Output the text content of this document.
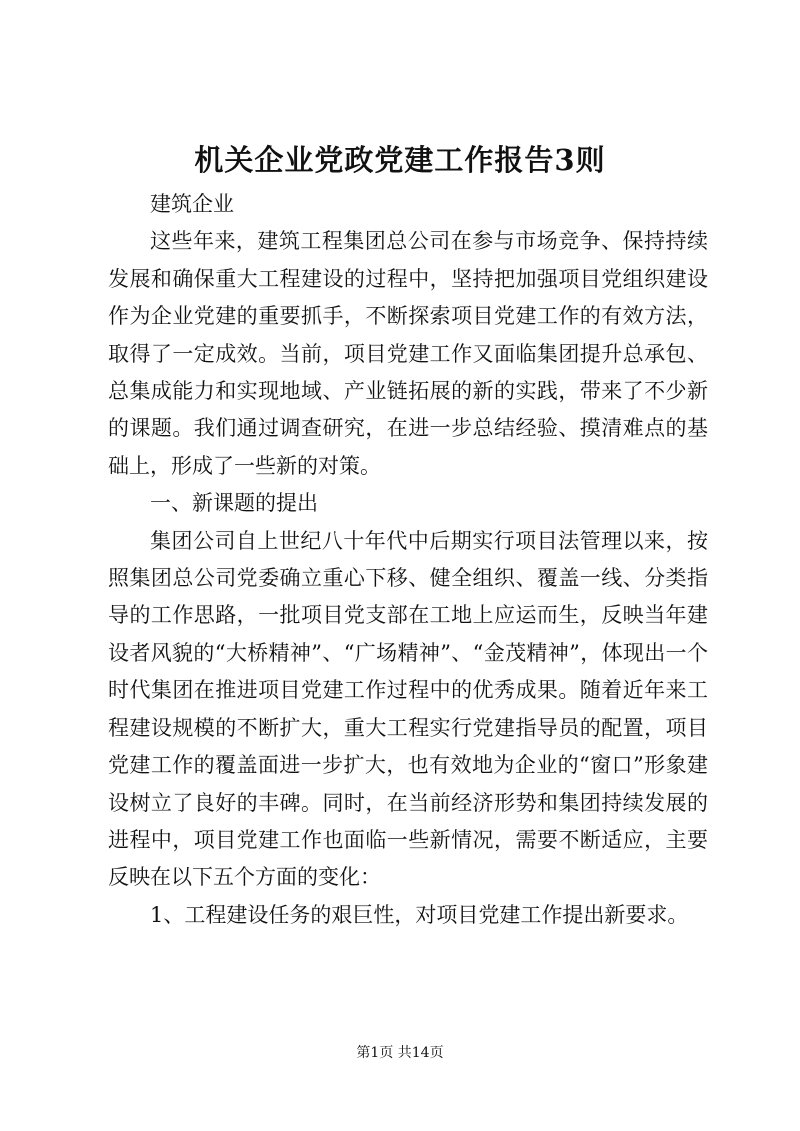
机关企业党政党建工作报告3则

建筑企业

这些年来，建筑工程集团总公司在参与市场竞争、保持持续发展和确保重大工程建设的过程中，坚持把加强项目党组织建设作为企业党建的重要抓手，不断探索项目党建工作的有效方法，取得了一定成效。当前，项目党建工作又面临集团提升总承包、总集成能力和实现地域、产业链拓展的新的实践，带来了不少新的课题。我们通过调查研究，在进一步总结经验、摸清难点的基础上，形成了一些新的对策。

一、新课题的提出

集团公司自上世纪八十年代中后期实行项目法管理以来，按照集团总公司党委确立重心下移、健全组织、覆盖一线、分类指导的工作思路，一批项目党支部在工地上应运而生，反映当年建设者风貌的“大桥精神”、“广场精神”、“金茂精神”，体现出一个时代集团在推进项目党建工作过程中的优秀成果。随着近年来工程建设规模的不断扩大，重大工程实行党建指导员的配置，项目党建工作的覆盖面进一步扩大，也有效地为企业的“窗口”形象建设树立了良好的丰碑。同时，在当前经济形势和集团持续发展的进程中，项目党建工作也面临一些新情况，需要不断适应，主要反映在以下五个方面的变化：

1、工程建设任务的艰巨性，对项目党建工作提出新要求。

第1页 共14页
